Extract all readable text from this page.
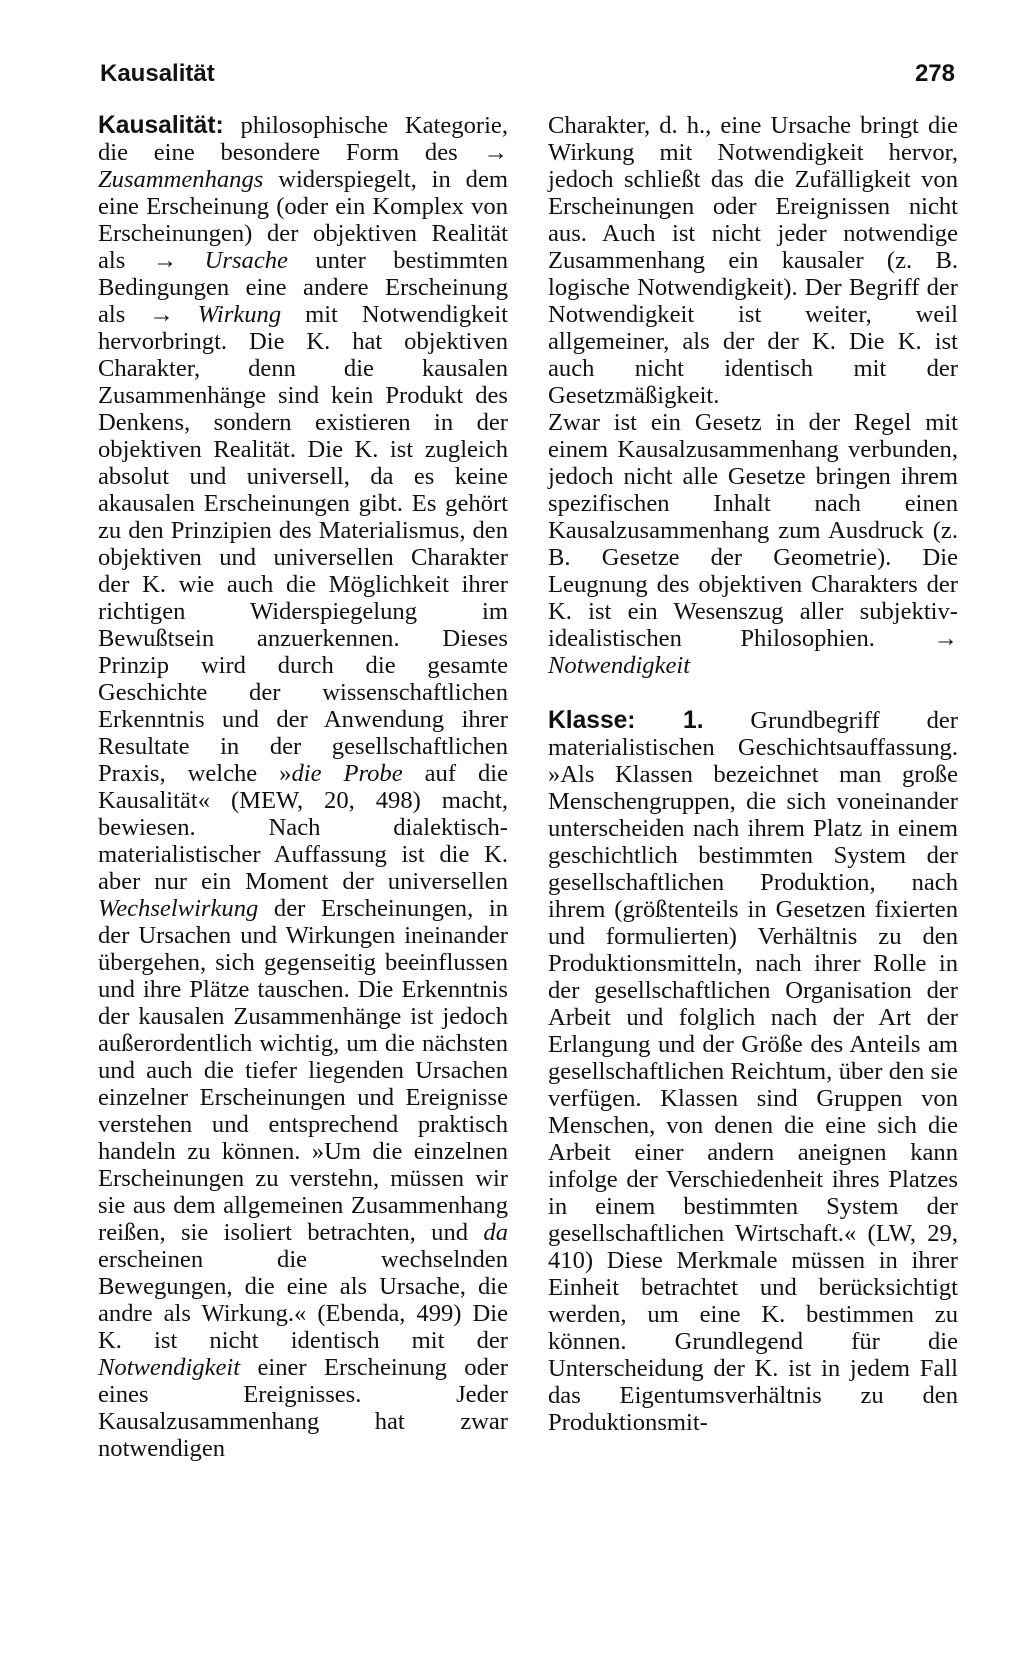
Kausalität	278

Kausalität: philosophische Kategorie, die eine besondere Form des → Zusammenhangs widerspiegelt, in dem eine Erscheinung (oder ein Komplex von Erscheinungen) der objektiven Realität als → Ursache unter bestimmten Bedingungen eine andere Erscheinung als → Wirkung mit Notwendigkeit hervorbringt. Die K. hat objektiven Charakter, denn die kausalen Zusammenhänge sind kein Produkt des Denkens, sondern existieren in der objektiven Realität. Die K. ist zugleich absolut und universell, da es keine akausalen Erscheinungen gibt. Es gehört zu den Prinzipien des Materialismus, den objektiven und universellen Charakter der K. wie auch die Möglichkeit ihrer richtigen Widerspiegelung im Bewußtsein anzuerkennen. Dieses Prinzip wird durch die gesamte Geschichte der wissenschaftlichen Erkenntnis und der Anwendung ihrer Resultate in der gesellschaftlichen Praxis, welche »die Probe auf die Kausalität« (MEW, 20, 498) macht, bewiesen. Nach dialektisch-materialistischer Auffassung ist die K. aber nur ein Moment der universellen Wechselwirkung der Erscheinungen, in der Ursachen und Wirkungen ineinander übergehen, sich gegenseitig beeinflussen und ihre Plätze tauschen. Die Erkenntnis der kausalen Zusammenhänge ist jedoch außerordentlich wichtig, um die nächsten und auch die tiefer liegenden Ursachen einzelner Erscheinungen und Ereignisse verstehen und entsprechend praktisch handeln zu können. »Um die einzelnen Erscheinungen zu verstehn, müssen wir sie aus dem allgemeinen Zusammenhang reißen, sie isoliert betrachten, und da erscheinen die wechselnden Bewegungen, die eine als Ursache, die andre als Wirkung.« (Ebenda, 499) Die K. ist nicht identisch mit der Notwendigkeit einer Erscheinung oder eines Ereignisses. Jeder Kausalzusammenhang hat zwar notwendigen

Charakter, d. h., eine Ursache bringt die Wirkung mit Notwendigkeit hervor, jedoch schließt das die Zufälligkeit von Erscheinungen oder Ereignissen nicht aus. Auch ist nicht jeder notwendige Zusammenhang ein kausaler (z. B. logische Notwendigkeit). Der Begriff der Notwendigkeit ist weiter, weil allgemeiner, als der der K. Die K. ist auch nicht identisch mit der Gesetzmäßigkeit.

Zwar ist ein Gesetz in der Regel mit einem Kausalzusammenhang verbunden, jedoch nicht alle Gesetze bringen ihrem spezifischen Inhalt nach einen Kausalzusammenhang zum Ausdruck (z. B. Gesetze der Geometrie). Die Leugnung des objektiven Charakters der K. ist ein Wesenszug aller subjektiv-idealistischen Philosophien. → Notwendigkeit

Klasse: 1. Grundbegriff der materialistischen Geschichtsauffassung. »Als Klassen bezeichnet man große Menschengruppen, die sich voneinander unterscheiden nach ihrem Platz in einem geschichtlich bestimmten System der gesellschaftlichen Produktion, nach ihrem (größtenteils in Gesetzen fixierten und formulierten) Verhältnis zu den Produktionsmitteln, nach ihrer Rolle in der gesellschaftlichen Organisation der Arbeit und folglich nach der Art der Erlangung und der Größe des Anteils am gesellschaftlichen Reichtum, über den sie verfügen. Klassen sind Gruppen von Menschen, von denen die eine sich die Arbeit einer andern aneignen kann infolge der Verschiedenheit ihres Platzes in einem bestimmten System der gesellschaftlichen Wirtschaft.« (LW, 29, 410) Diese Merkmale müssen in ihrer Einheit betrachtet und berücksichtigt werden, um eine K. bestimmen zu können. Grundlegend für die Unterscheidung der K. ist in jedem Fall das Eigentumsverhältnis zu den Produktionsmit-
